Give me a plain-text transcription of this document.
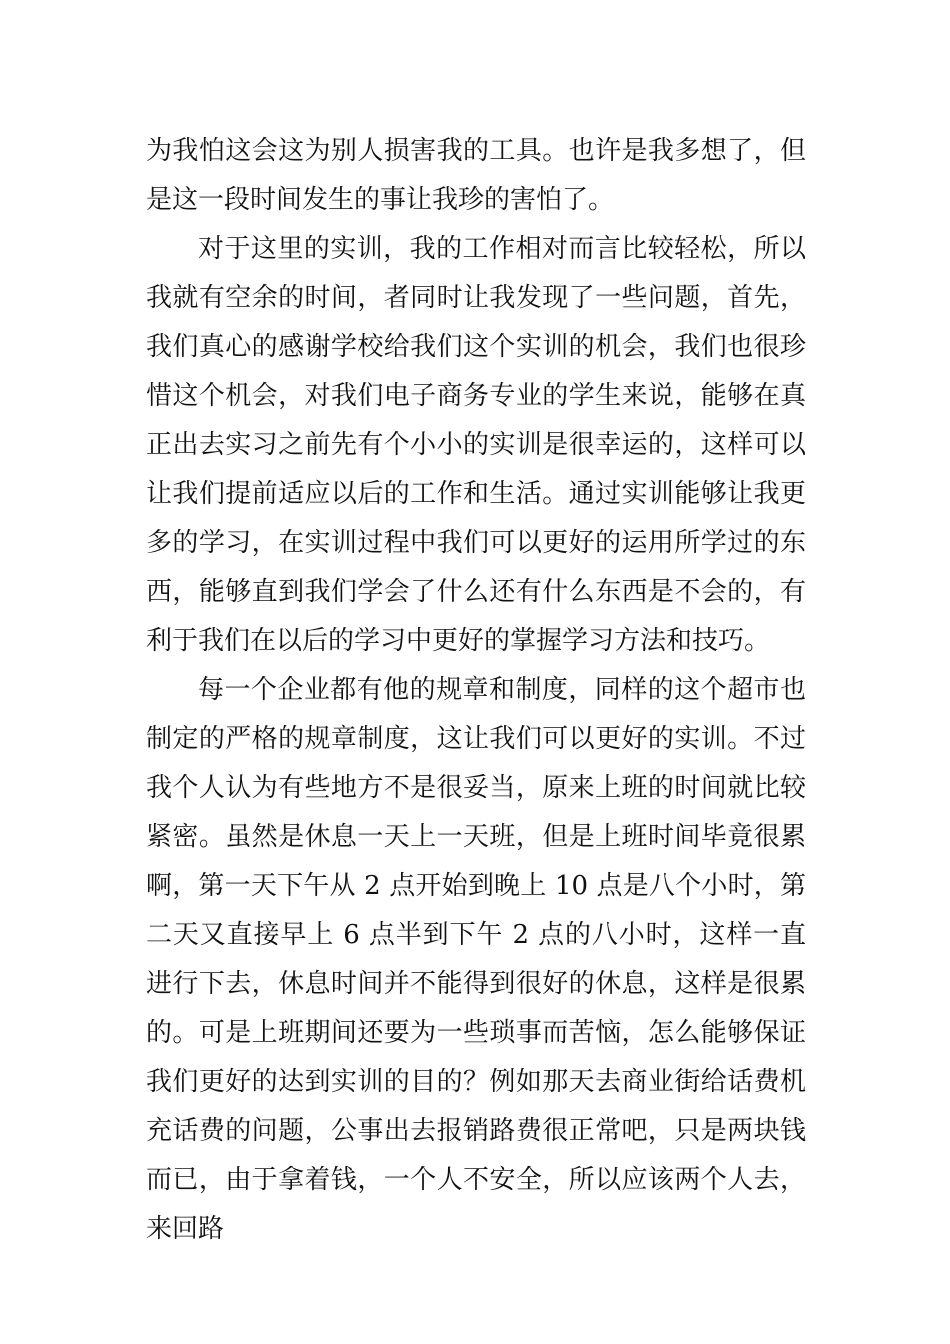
为我怕这会这为别人损害我的工具。也许是我多想了，但是这一段时间发生的事让我珍的害怕了。

对于这里的实训，我的工作相对而言比较轻松，所以我就有空余的时间，者同时让我发现了一些问题，首先，我们真心的感谢学校给我们这个实训的机会，我们也很珍惜这个机会，对我们电子商务专业的学生来说，能够在真正出去实习之前先有个小小的实训是很幸运的，这样可以让我们提前适应以后的工作和生活。通过实训能够让我更多的学习，在实训过程中我们可以更好的运用所学过的东西，能够直到我们学会了什么还有什么东西是不会的，有利于我们在以后的学习中更好的掌握学习方法和技巧。

每一个企业都有他的规章和制度，同样的这个超市也制定的严格的规章制度，这让我们可以更好的实训。不过我个人认为有些地方不是很妥当，原来上班的时间就比较紧密。虽然是休息一天上一天班，但是上班时间毕竟很累啊，第一天下午从 2 点开始到晚上 10 点是八个小时，第二天又直接早上 6 点半到下午 2 点的八小时，这样一直进行下去，休息时间并不能得到很好的休息，这样是很累的。可是上班期间还要为一些琐事而苦恼，怎么能够保证我们更好的达到实训的目的？例如那天去商业街给话费机充话费的问题，公事出去报销路费很正常吧，只是两块钱而已，由于拿着钱，一个人不安全，所以应该两个人去，来回路
